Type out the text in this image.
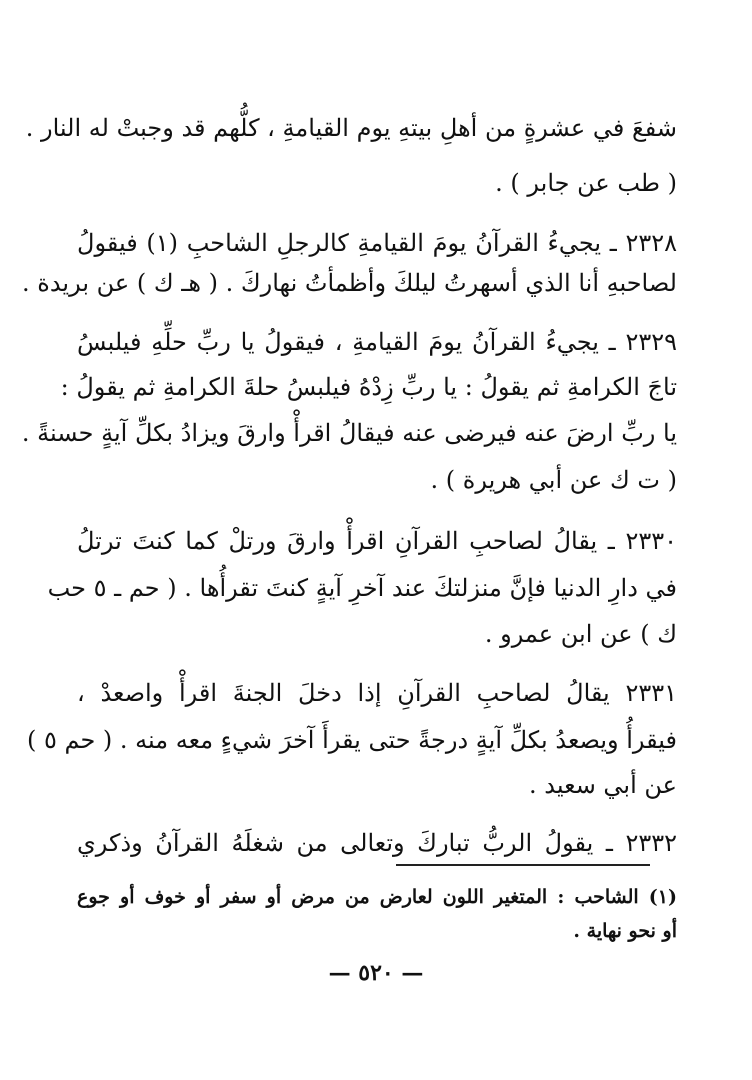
شفعَ في عشرةٍ من أهلِ بيتهِ يوم القيامةِ ، كلُّهم قد وجبتْ له النار .
( طب عن جابر ) .
٢٣٢٨ ـ يجيءُ القرآنُ يومَ القيامةِ كالرجلِ الشاحبِ (١) فيقولُ
لصاحبهِ أنا الذي أسهرتُ ليلكَ وأظمأتُ نهاركَ . ( هـ ك ) عن بريدة .
٢٣٢٩ ـ يجيءُ القرآنُ يومَ القيامةِ ، فيقولُ يا ربِّ حلِّهِ فيلبسُ
تاجَ الكرامةِ ثم يقولُ : يا ربِّ زِدْهُ فيلبسُ حلةَ الكرامةِ ثم يقولُ :
يا ربِّ ارضَ عنه فيرضى عنه فيقالُ اقرأْ وارقَ ويزادُ بكلِّ آيةٍ حسنةً .
( ت ك عن أبي هريرة ) .
٢٣٣٠ ـ يقالُ لصاحبِ القرآنِ اقرأْ وارقَ ورتلْ كما كنتَ ترتلُ
في دارِ الدنيا فإنَّ منزلتكَ عند آخرِ آيةٍ كنتَ تقرأُها . ( حم ـ ٥ حب
ك ) عن ابن عمرو .
٢٣٣١ يقالُ لصاحبِ القرآنِ إذا دخلَ الجنةَ اقرأْ واصعدْ ،
فيقرأُ ويصعدُ بكلِّ آيةٍ درجةً حتى يقرأَ آخرَ شيءٍ معه منه . ( حم ٥ )
عن أبي سعيد .
٢٣٣٢ ـ يقولُ الربُّ تباركَ وتعالى من شغلَهُ القرآنُ وذكري
(١) الشاحب : المتغير اللون لعارض من مرض أو سفر أو خوف أو جوع
أو نحو نهاية .
— ٥٢٠ —
